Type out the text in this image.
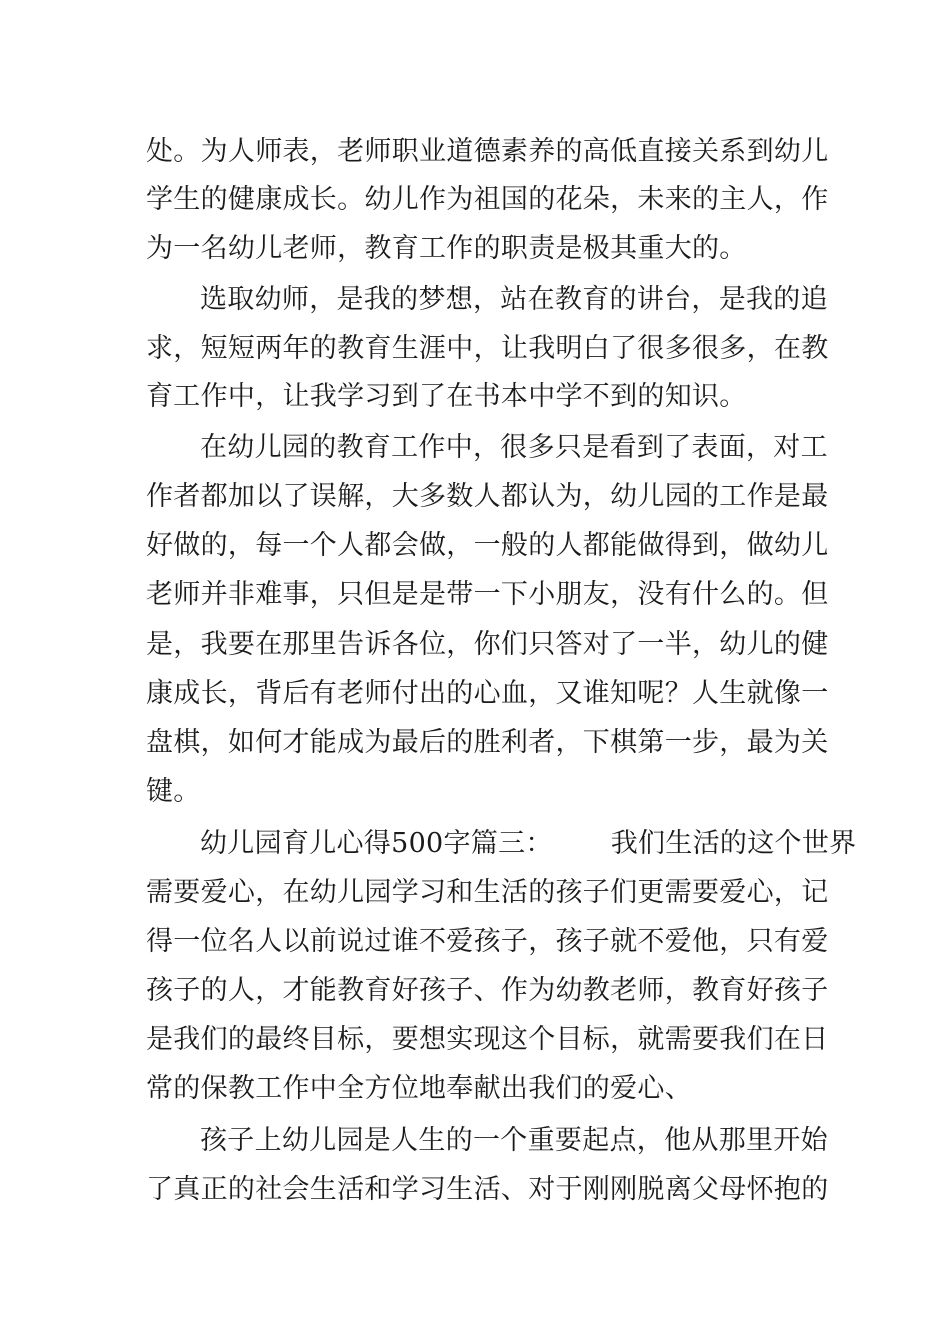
处。为人师表，老师职业道德素养的高低直接关系到幼儿
学生的健康成长。幼儿作为祖国的花朵，未来的主人，作
为一名幼儿老师，教育工作的职责是极其重大的。
选取幼师，是我的梦想，站在教育的讲台，是我的追
求，短短两年的教育生涯中，让我明白了很多很多，在教
育工作中，让我学习到了在书本中学不到的知识。
在幼儿园的教育工作中，很多只是看到了表面，对工
作者都加以了误解，大多数人都认为，幼儿园的工作是最
好做的，每一个人都会做，一般的人都能做得到，做幼儿
老师并非难事，只但是是带一下小朋友，没有什么的。但
是，我要在那里告诉各位，你们只答对了一半，幼儿的健
康成长，背后有老师付出的心血，又谁知呢？人生就像一
盘棋，如何才能成为最后的胜利者，下棋第一步，最为关
键。
幼儿园育儿心得500字篇三： 我们生活的这个世界
需要爱心，在幼儿园学习和生活的孩子们更需要爱心，记
得一位名人以前说过谁不爱孩子，孩子就不爱他，只有爱
孩子的人，才能教育好孩子、作为幼教老师，教育好孩子
是我们的最终目标，要想实现这个目标，就需要我们在日
常的保教工作中全方位地奉献出我们的爱心、
孩子上幼儿园是人生的一个重要起点，他从那里开始
了真正的社会生活和学习生活、对于刚刚脱离父母怀抱的
